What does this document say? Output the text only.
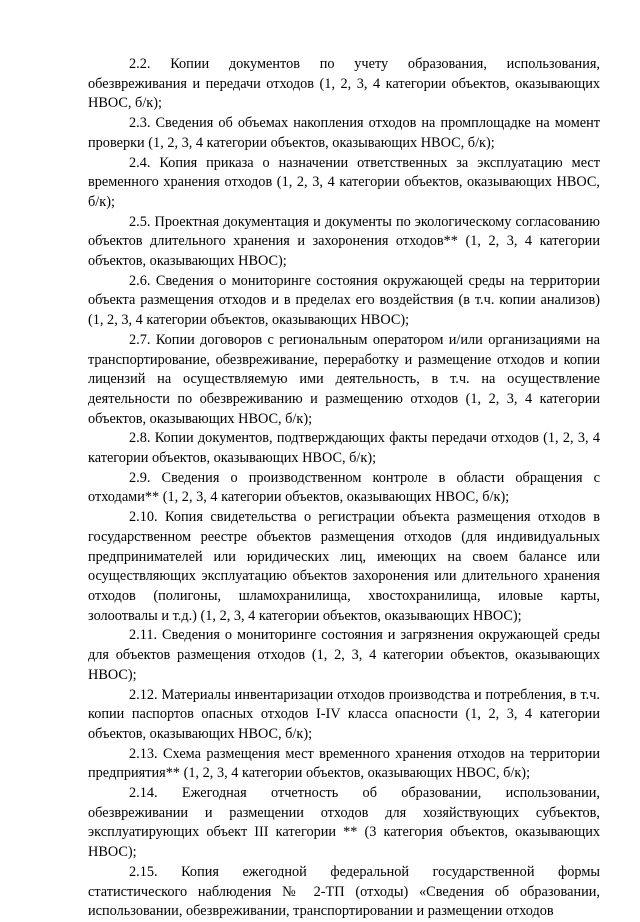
2.2. Копии документов по учету образования, использования, обезвреживания и передачи отходов (1, 2, 3, 4 категории объектов, оказывающих НВОС, б/к);

2.3. Сведения об объемах накопления отходов на промплощадке на момент проверки (1, 2, 3, 4 категории объектов, оказывающих НВОС, б/к);

2.4. Копия приказа о назначении ответственных за эксплуатацию мест временного хранения отходов (1, 2, 3, 4 категории объектов, оказывающих НВОС, б/к);

2.5. Проектная документация и документы по экологическому согласованию объектов длительного хранения и захоронения отходов** (1, 2, 3, 4 категории объектов, оказывающих НВОС);

2.6. Сведения о мониторинге состояния окружающей среды на территории объекта размещения отходов и в пределах его воздействия (в т.ч. копии анализов) (1, 2, 3, 4 категории объектов, оказывающих НВОС);

2.7. Копии договоров с региональным оператором и/или организациями на транспортирование, обезвреживание, переработку и размещение отходов и копии лицензий на осуществляемую ими деятельность, в т.ч. на осуществление деятельности по обезвреживанию и размещению отходов (1, 2, 3, 4 категории объектов, оказывающих НВОС, б/к);

2.8. Копии документов, подтверждающих факты передачи отходов (1, 2, 3, 4 категории объектов, оказывающих НВОС, б/к);

2.9. Сведения о производственном контроле в области обращения с отходами** (1, 2, 3, 4 категории объектов, оказывающих НВОС, б/к);

2.10. Копия свидетельства о регистрации объекта размещения отходов в государственном реестре объектов размещения отходов (для индивидуальных предпринимателей или юридических лиц, имеющих на своем балансе или осуществляющих эксплуатацию объектов захоронения или длительного хранения отходов (полигоны, шламохранилища, хвостохранилища, иловые карты, золоотвалы и т.д.) (1, 2, 3, 4 категории объектов, оказывающих НВОС);

2.11. Сведения о мониторинге состояния и загрязнения окружающей среды для объектов размещения отходов (1, 2, 3, 4 категории объектов, оказывающих НВОС);

2.12. Материалы инвентаризации отходов производства и потребления, в т.ч. копии паспортов опасных отходов I-IV класса опасности (1, 2, 3, 4 категории объектов, оказывающих НВОС, б/к);

2.13. Схема размещения мест временного хранения отходов на территории предприятия** (1, 2, 3, 4 категории объектов, оказывающих НВОС, б/к);

2.14. Ежегодная отчетность об образовании, использовании, обезвреживании и размещении отходов для хозяйствующих субъектов, эксплуатирующих объект III категории ** (3 категория объектов, оказывающих НВОС);

2.15. Копия ежегодной федеральной государственной формы статистического наблюдения № 2-ТП (отходы) «Сведения об образовании, использовании, обезвреживании, транспортировании и размещении отходов
